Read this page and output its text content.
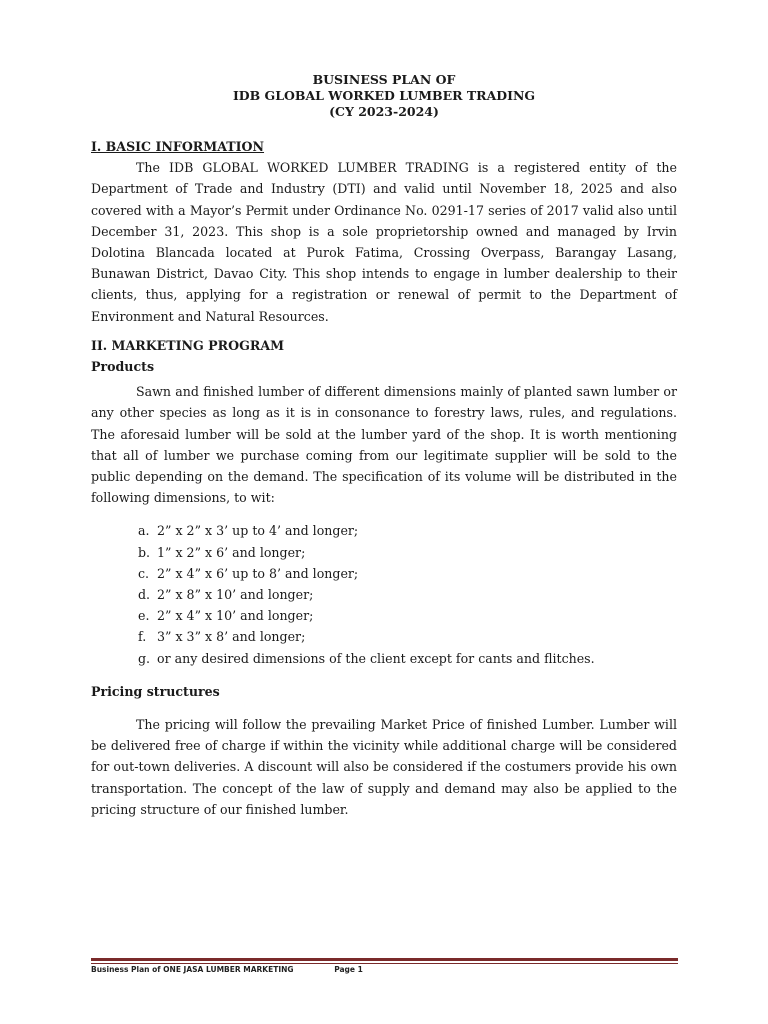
BUSINESS PLAN OF
IDB GLOBAL WORKED LUMBER TRADING
(CY 2023-2024)
I. BASIC INFORMATION

The IDB GLOBAL WORKED LUMBER TRADING is a registered entity of the Department of Trade and Industry (DTI) and valid until November 18, 2025 and also covered with a Mayor’s Permit under Ordinance No. 0291-17 series of 2017 valid also until December 31, 2023. This shop is a sole proprietorship owned and managed by Irvin Dolotina Blancada located at Purok Fatima, Crossing Overpass, Barangay Lasang, Bunawan District, Davao City. This shop intends to engage in lumber dealership to their clients, thus, applying for a registration or renewal of permit to the Department of Environment and Natural Resources.

II. MARKETING PROGRAM
Products

Sawn and finished lumber of different dimensions mainly of planted sawn lumber or any other species as long as it is in consonance to forestry laws, rules, and regulations. The aforesaid lumber will be sold at the lumber yard of the shop. It is worth mentioning that all of lumber we purchase coming from our legitimate supplier will be sold to the public depending on the demand. The specification of its volume will be distributed in the following dimensions, to wit:

a. 2” x 2” x 3’ up to 4’ and longer;
b. 1” x 2” x 6’ and longer;
c. 2” x 4” x 6’ up to 8’ and longer;
d. 2” x 8” x 10’ and longer;
e. 2” x 4” x 10’ and longer;
f. 3” x 3” x 8’ and longer;
g. or any desired dimensions of the client except for cants and flitches.
Pricing structures

The pricing will follow the prevailing Market Price of finished Lumber. Lumber will be delivered free of charge if within the vicinity while additional charge will be considered for out-town deliveries. A discount will also be considered if the costumers provide his own transportation. The concept of the law of supply and demand may also be applied to the pricing structure of our finished lumber.

Business Plan of ONE JASA LUMBER MARKETING	Page 1
